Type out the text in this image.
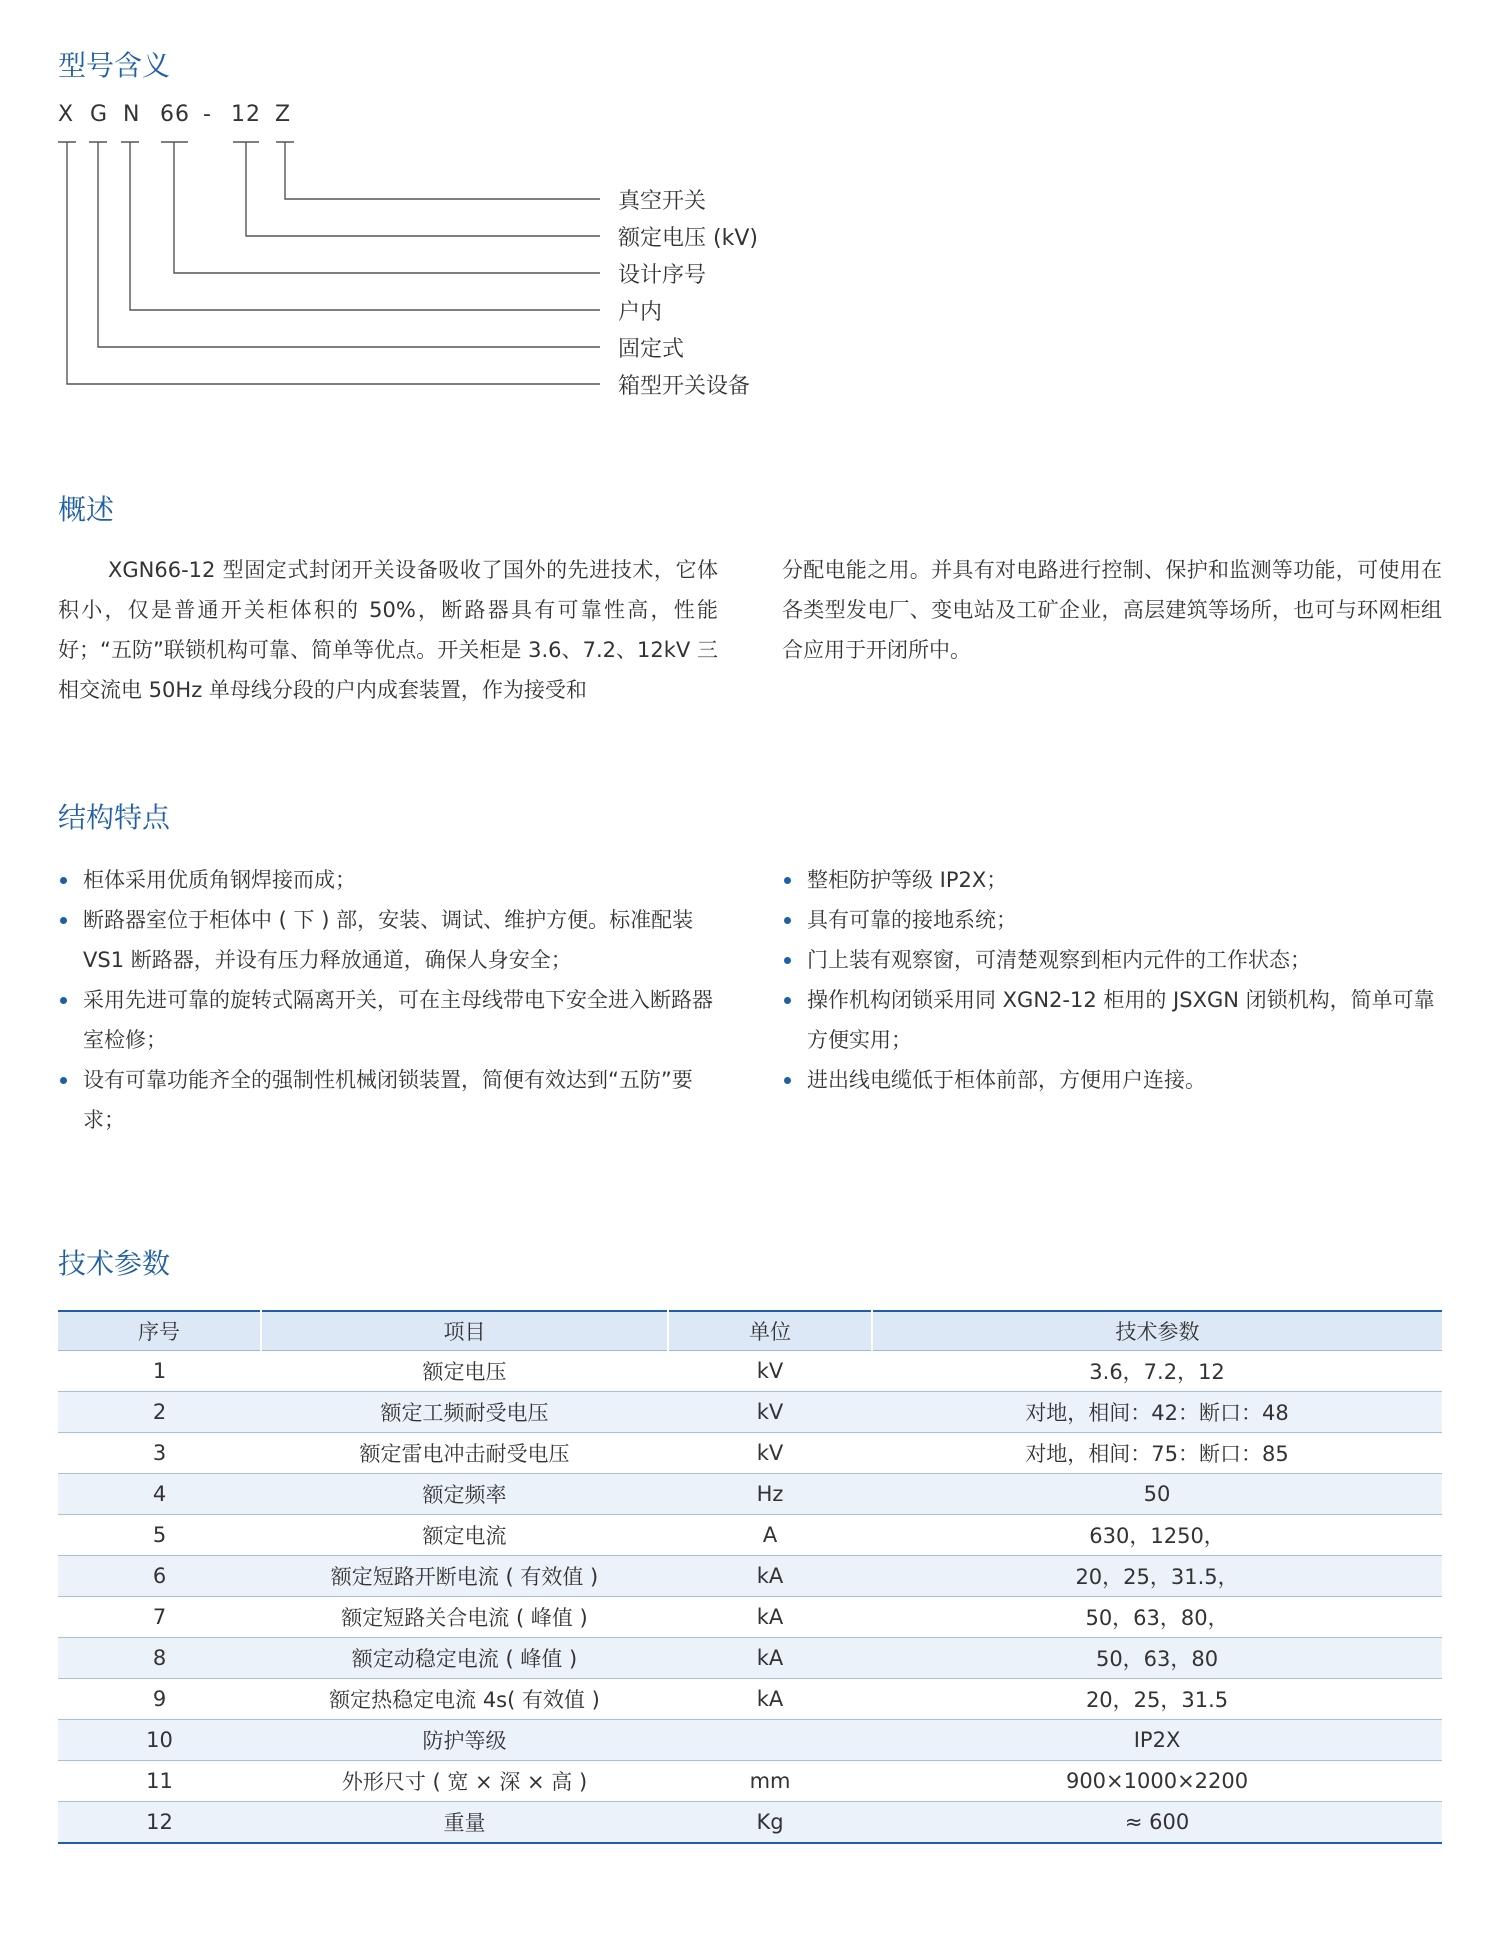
型号含义
X G N 66 - 12 Z
真空开关
额定电压 (kV)
设计序号
户内
固定式
箱型开关设备
概述

XGN66-12 型固定式封闭开关设备吸收了国外的先进技术，它体积小，仅是普通开关柜体积的 50%，断路器具有可靠性高，性能好；“五防”联锁机构可靠、简单等优点。开关柜是 3.6、7.2、12kV 三相交流电 50Hz 单母线分段的户内成套装置，作为接受和

分配电能之用。并具有对电路进行控制、保护和监测等功能，可使用在各类型发电厂、变电站及工矿企业，高层建筑等场所，也可与环网柜组合应用于开闭所中。

结构特点
柜体采用优质角钢焊接而成；
断路器室位于柜体中 ( 下 ) 部，安装、调试、维护方便。标准配装 VS1 断路器，并设有压力释放通道，确保人身安全；
采用先进可靠的旋转式隔离开关，可在主母线带电下安全进入断路器室检修；
设有可靠功能齐全的强制性机械闭锁装置，简便有效达到“五防”要求；
整柜防护等级 IP2X；
具有可靠的接地系统；
门上装有观察窗，可清楚观察到柜内元件的工作状态；
操作机构闭锁采用同 XGN2-12 柜用的 JSXGN 闭锁机构，简单可靠方便实用；
进出线电缆低于柜体前部，方便用户连接。
技术参数
序号	项目	单位	技术参数
1	额定电压	kV	3.6，7.2，12
2	额定工频耐受电压	kV	对地，相间：42：断口：48
3	额定雷电冲击耐受电压	kV	对地，相间：75：断口：85
4	额定频率	Hz	50
5	额定电流	A	630，1250，
6	额定短路开断电流 ( 有效值 )	kA	20，25，31.5，
7	额定短路关合电流 ( 峰值 )	kA	50，63，80，
8	额定动稳定电流 ( 峰值 )	kA	50，63，80
9	额定热稳定电流 4s( 有效值 )	kA	20，25，31.5
10	防护等级		IP2X
11	外形尺寸 ( 宽 × 深 × 高 )	mm	900×1000×2200
12	重量	Kg	≈ 600
